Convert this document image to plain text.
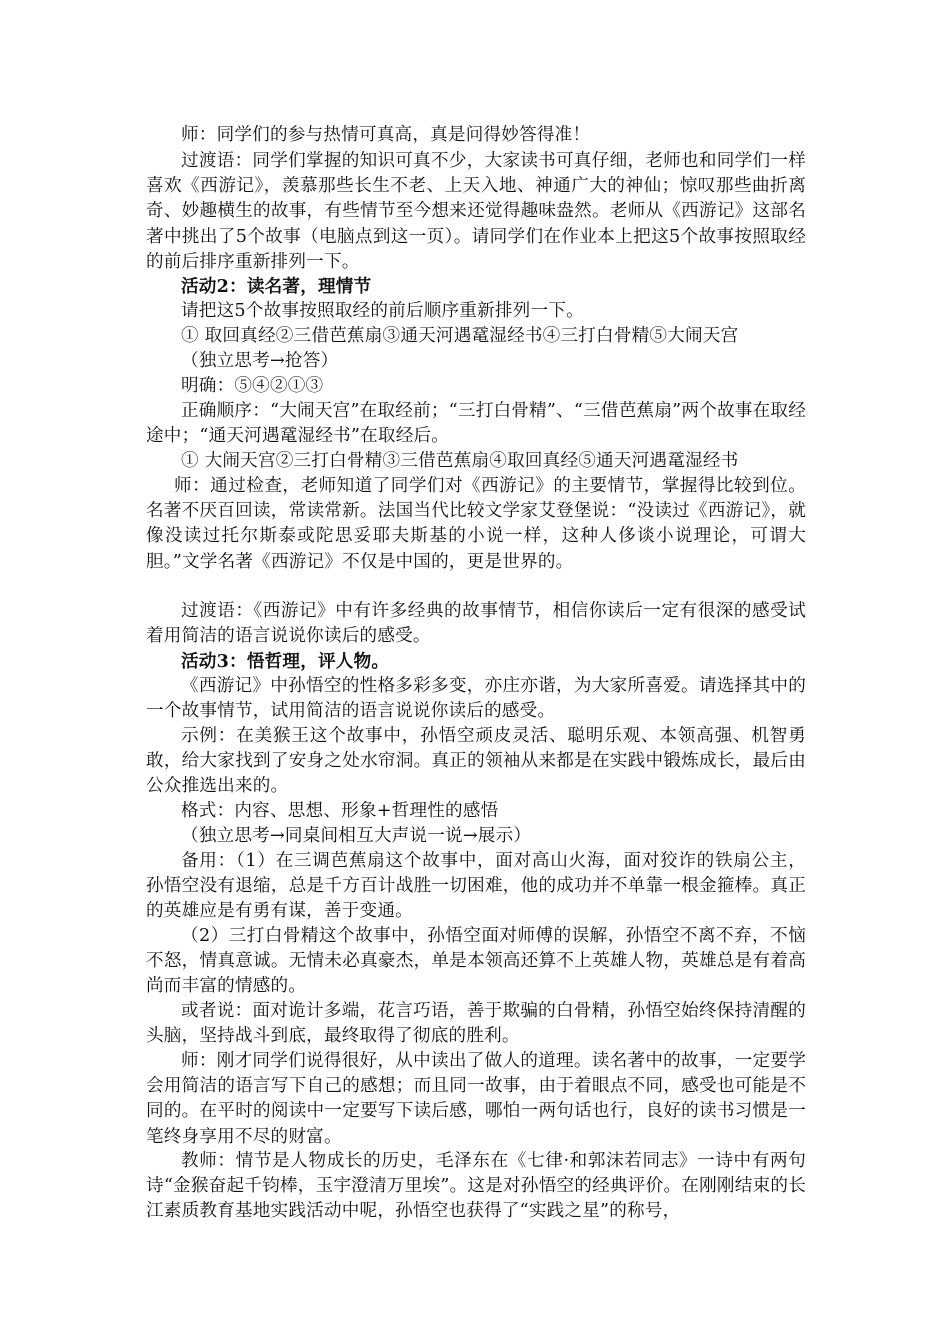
师：同学们的参与热情可真高，真是问得妙答得准！

过渡语：同学们掌握的知识可真不少，大家读书可真仔细，老师也和同学们一样喜欢《西游记》，羡慕那些长生不老、上天入地、神通广大的神仙；惊叹那些曲折离奇、妙趣横生的故事，有些情节至今想来还觉得趣味盎然。老师从《西游记》这部名著中挑出了5个故事（电脑点到这一页）。请同学们在作业本上把这5个故事按照取经的前后排序重新排列一下。

活动2：读名著，理情节

请把这5个故事按照取经的前后顺序重新排列一下。

① 取回真经②三借芭蕉扇③通天河遇鼋湿经书④三打白骨精⑤大闹天宫

（独立思考→抢答）

明确：⑤④②①③

正确顺序：“大闹天宫”在取经前；“三打白骨精”、“三借芭蕉扇”两个故事在取经途中；“通天河遇鼋湿经书”在取经后。

① 大闹天宫②三打白骨精③三借芭蕉扇④取回真经⑤通天河遇鼋湿经书

师：通过检查，老师知道了同学们对《西游记》的主要情节，掌握得比较到位。名著不厌百回读，常读常新。法国当代比较文学家艾登堡说：“没读过《西游记》，就像没读过托尔斯泰或陀思妥耶夫斯基的小说一样，这种人侈谈小说理论，可谓大胆。”文学名著《西游记》不仅是中国的，更是世界的。

过渡语：《西游记》中有许多经典的故事情节，相信你读后一定有很深的感受试着用简洁的语言说说你读后的感受。

活动3：悟哲理，评人物。

《西游记》中孙悟空的性格多彩多变，亦庄亦谐，为大家所喜爱。请选择其中的一个故事情节，试用简洁的语言说说你读后的感受。

示例：在美猴王这个故事中，孙悟空顽皮灵活、聪明乐观、本领高强、机智勇敢，给大家找到了安身之处水帘洞。真正的领袖从来都是在实践中锻炼成长，最后由公众推选出来的。

格式：内容、思想、形象+哲理性的感悟

（独立思考→同桌间相互大声说一说→展示）

备用：（1）在三调芭蕉扇这个故事中，面对高山火海，面对狡诈的铁扇公主，孙悟空没有退缩，总是千方百计战胜一切困难，他的成功并不单靠一根金箍棒。真正的英雄应是有勇有谋，善于变通。

（2）三打白骨精这个故事中，孙悟空面对师傅的误解，孙悟空不离不弃，不恼不怒，情真意诚。无情未必真豪杰，单是本领高还算不上英雄人物，英雄总是有着高尚而丰富的情感的。

或者说：面对诡计多端，花言巧语，善于欺骗的白骨精，孙悟空始终保持清醒的头脑，坚持战斗到底，最终取得了彻底的胜利。

师：刚才同学们说得很好，从中读出了做人的道理。读名著中的故事，一定要学会用简洁的语言写下自己的感想；而且同一故事，由于着眼点不同，感受也可能是不同的。在平时的阅读中一定要写下读后感，哪怕一两句话也行，良好的读书习惯是一笔终身享用不尽的财富。

教师：情节是人物成长的历史，毛泽东在《七律·和郭沫若同志》一诗中有两句诗“金猴奋起千钧棒，玉宇澄清万里埃”。这是对孙悟空的经典评价。在刚刚结束的长江素质教育基地实践活动中呢，孙悟空也获得了“实践之星”的称号，
